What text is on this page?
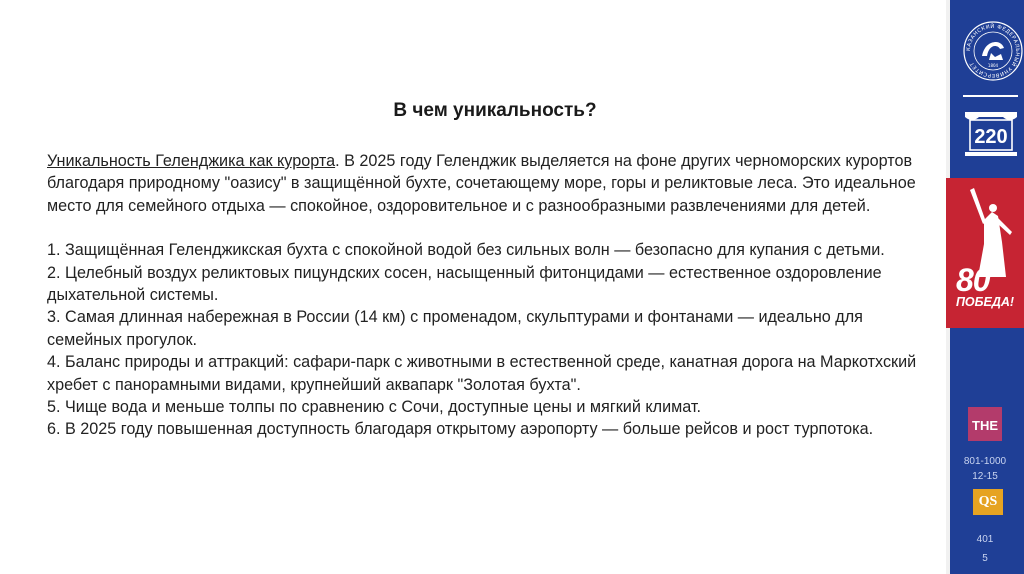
В чем уникальность?

Уникальность Геленджика как курорта. В 2025 году Геленджик выделяется на фоне других черноморских курортов благодаря природному "оазису" в защищённой бухте, сочетающему море, горы и реликтовые леса. Это идеальное место для семейного отдыха — спокойное, оздоровительное и с разнообразными развлечениями для детей.

1. Защищённая Геленджикская бухта с спокойной водой без сильных волн — безопасно для купания с детьми.

2. Целебный воздух реликтовых пицундских сосен, насыщенный фитонцидами — естественное оздоровление дыхательной системы.

3. Самая длинная набережная в России (14 км) с променадом, скульптурами и фонтанами — идеально для семейных прогулок.

4. Баланс природы и аттракций: сафари-парк с животными в естественной среде, канатная дорога на Маркотхский хребет с панорамными видами, крупнейший аквапарк "Золотая бухта".

5. Чище вода и меньше толпы по сравнению с Сочи, доступные цены и мягкий климат.

6. В 2025 году повышенная доступность благодаря открытому аэропорту — больше рейсов и рост турпотока.

КАЗАНСКИЙ ФЕДЕРАЛЬНЫЙ УНИВЕРСИТЕТ	1804
220
80
ПОБЕДА!
THE
801-1000
12-15
QS
401
5
